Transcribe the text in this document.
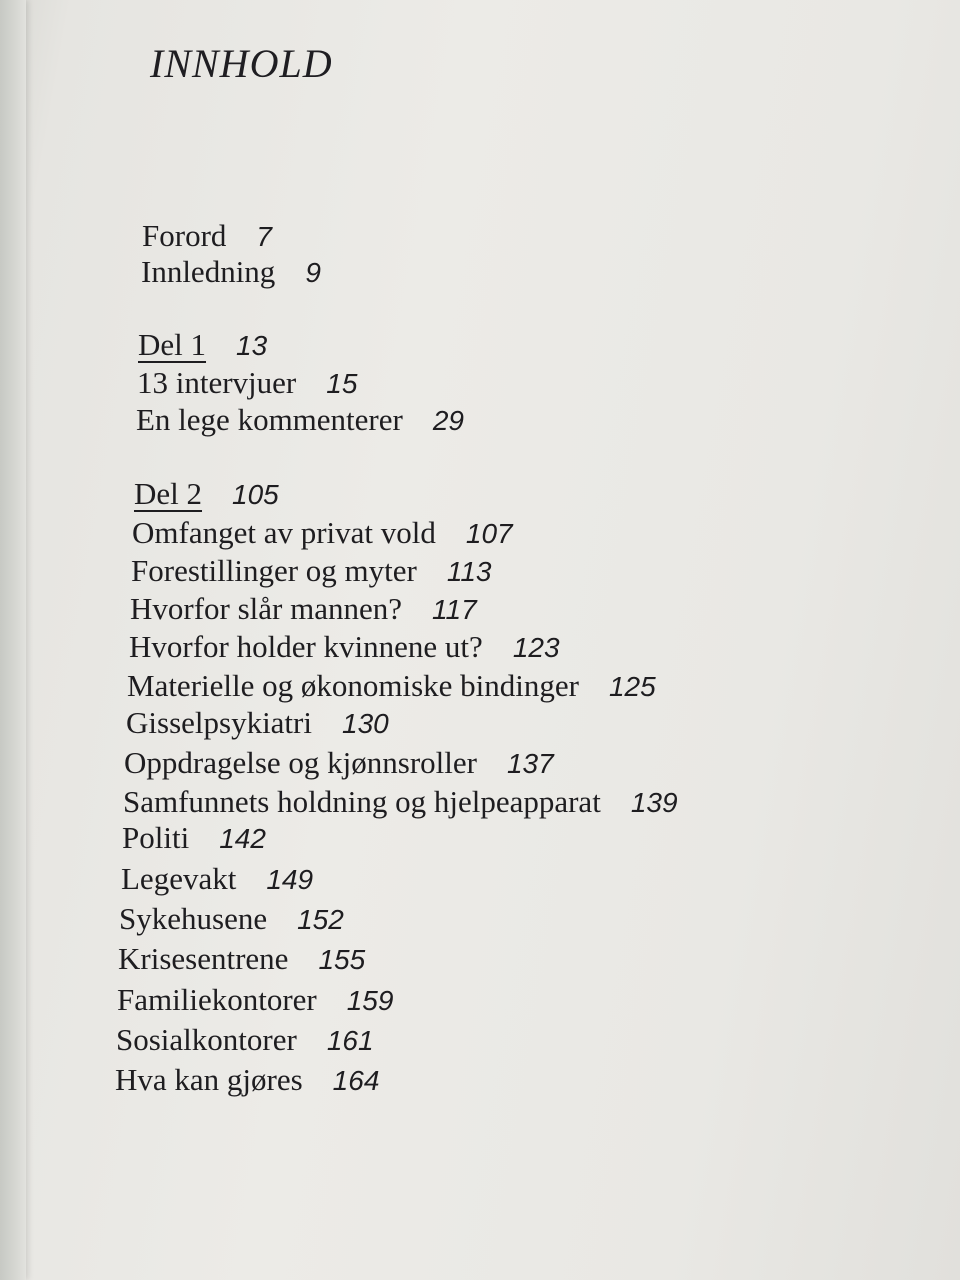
INNHOLD
Forord 7
Innledning 9
Del 1 13
13 intervjuer 15
En lege kommenterer 29
Del 2 105
Omfanget av privat vold 107
Forestillinger og myter 113
Hvorfor slår mannen? 117
Hvorfor holder kvinnene ut? 123
Materielle og økonomiske bindinger 125
Gisselpsykiatri 130
Oppdragelse og kjønnsroller 137
Samfunnets holdning og hjelpeapparat 139
Politi 142
Legevakt 149
Sykehusene 152
Krisesentrene 155
Familiekontorer 159
Sosialkontorer 161
Hva kan gjøres 164
